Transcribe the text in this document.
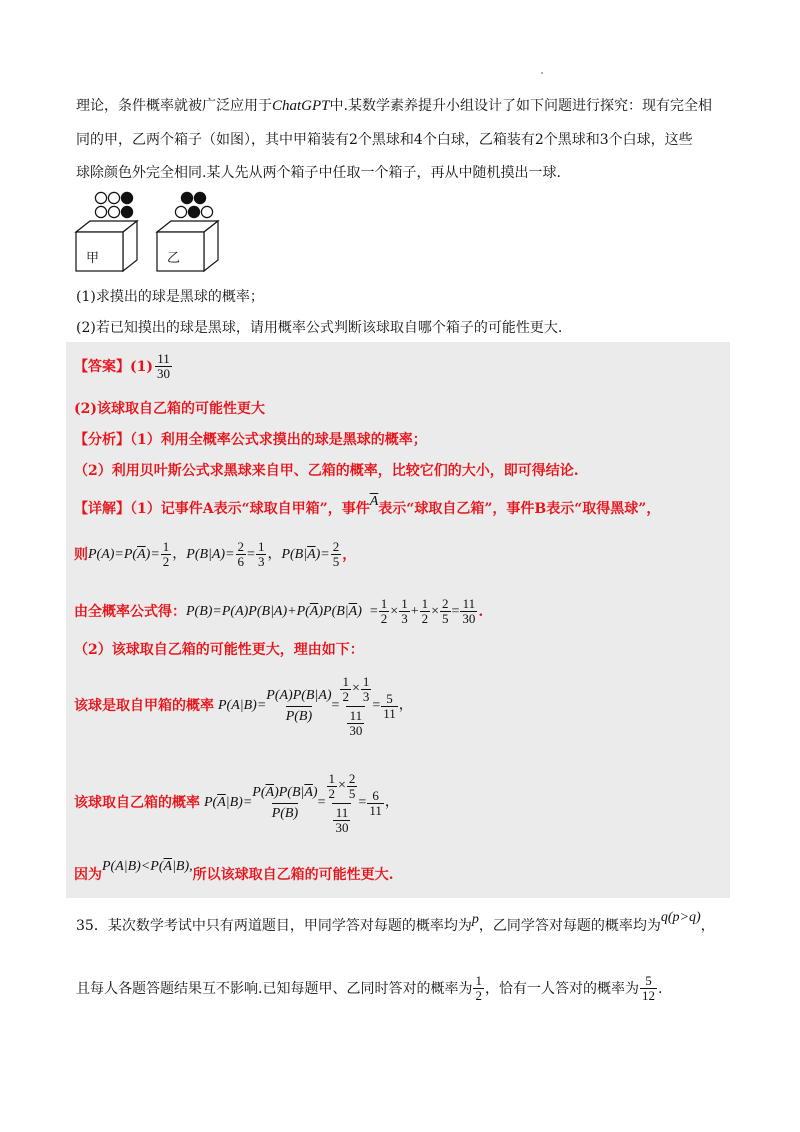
理论，条件概率就被广泛应用于ChatGPT中.某数学素养提升小组设计了如下问题进行探究：现有完全相
同的甲，乙两个箱子（如图），其中甲箱装有2个黑球和4个白球，乙箱装有2个黑球和3个白球，这些
球除颜色外完全相同.某人先从两个箱子中任取一个箱子，再从中随机摸出一球.
甲	乙
(1)求摸出的球是黑球的概率；
(2)若已知摸出的球是黑球，请用概率公式判断该球取自哪个箱子的可能性更大.
【答案】$(1) \frac{11}{30}$
(2)该球取自乙箱的可能性更大
【分析】（1）利用全概率公式求摸出的球是黑球的概率；
（2）利用贝叶斯公式求黑球来自甲、乙箱的概率，比较它们的大小，即可得结论.
【详解】（1）记事件A表示“球取自甲箱”，事件$\overline{A}$表示“球取自乙箱”，事件B表示“取得黑球”，
则 P(A)=P( $\overline{A}$ )= $\frac{1}{2}$ ， $P(B|A)= \frac{2}{6} = \frac{1}{3}$ ， P(B| $\overline{A}$ )= $\frac{2}{5}$ ，
由全概率公式得： P(B)=P(A)P(B|A)+P( $\overline{A}$ )P(B| $\overline{A}$ ) = $\frac{1}{2} \times \frac{1}{3} + \frac{1}{2} \times \frac{2}{5} = \frac{11}{30}$ .
（2）该球取自乙箱的可能性更大，理由如下：
该球是取自甲箱的概率 $P(A|B)= \frac{P(A)P(B|A)}{P(B)} = \frac{\frac{1}{2} \times \frac{1}{3}}{\frac{11}{30}} = \frac{5}{11}$ ，
该球取自乙箱的概率 P( $\overline{A}$ $|B)= \frac{P(\overline{A})P(B|\overline{A})}{P(B)} = \frac{\frac{1}{2} \times \frac{2}{5}}{\frac{11}{30}} = \frac{6}{11}$ ，
因为
$P(A|B)<P(\overline{A}|B)$,
所以该球取自乙箱的可能性更大.
35．某次数学考试中只有两道题目，甲同学答对每题的概率均为 p ，乙同学答对每题的概率均为
q(p>q)
，
且每人各题答题结果互不影响.已知每题甲、乙同时答对的概率为 $\frac{1}{2}$ ，恰有一人答对的概率为 $\frac{5}{12}$ .
